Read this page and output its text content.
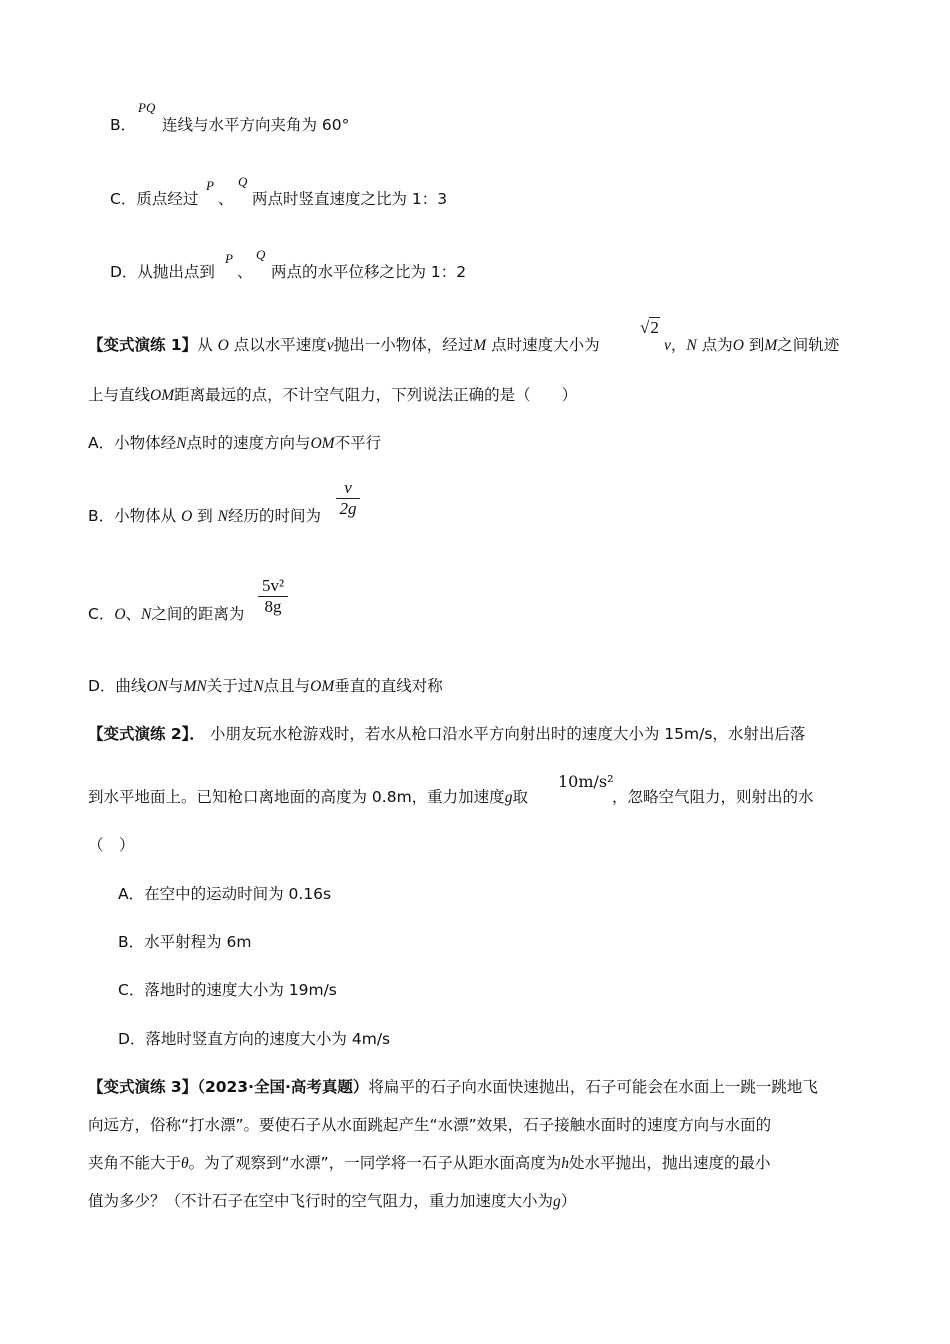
B．
PQ
连线与水平方向夹角为 60°
C．质点经过
P
、
Q
两点时竖直速度之比为 1：3
D．从抛出点到
P
、
Q
两点的水平位移之比为 1：2
【变式演练 1】从 O 点以水平速度v抛出一小物体，经过M 点时速度大小为
√2
v，N 点为O 到M之间轨迹
上与直线OM距离最远的点，不计空气阻力，下列说法正确的是（　　）
A．小物体经N点时的速度方向与OM不平行
B．小物体从 O 到 N经历的时间为
v
2g
C．O、N之间的距离为
5v²
8g
D．曲线ON与MN关于过N点且与OM垂直的直线对称
【变式演练 2】． 小朋友玩水枪游戏时，若水从枪口沿水平方向射出时的速度大小为 15m/s，水射出后落
到水平地面上。已知枪口离地面的高度为 0.8m，重力加速度g取
10m/s²
，忽略空气阻力，则射出的水
（　）
A．在空中的运动时间为 0.16s
B．水平射程为 6m
C．落地时的速度大小为 19m/s
D．落地时竖直方向的速度大小为 4m/s
【变式演练 3】（2023·全国·高考真题）将扁平的石子向水面快速抛出，石子可能会在水面上一跳一跳地飞
向远方，俗称“打水漂”。要使石子从水面跳起产生“水漂”效果，石子接触水面时的速度方向与水面的
夹角不能大于θ。为了观察到“水漂”，一同学将一石子从距水面高度为h处水平抛出，抛出速度的最小
值为多少？（不计石子在空中飞行时的空气阻力，重力加速度大小为g）
